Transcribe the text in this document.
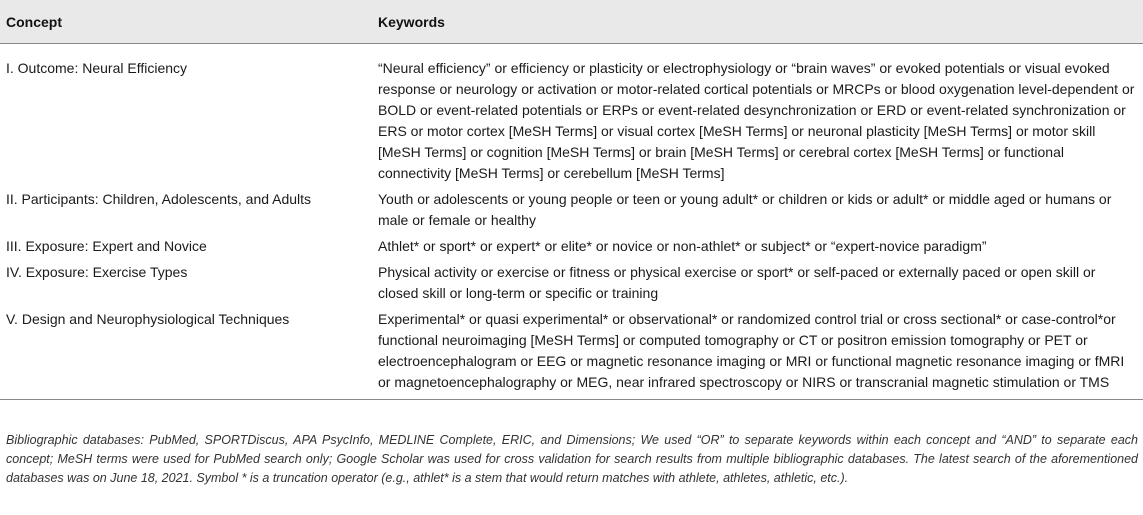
Concept	Keywords
I. Outcome: Neural Efficiency	“Neural efficiency” or efficiency or plasticity or electrophysiology or “brain waves” or evoked potentials or visual evoked response or neurology or activation or motor-related cortical potentials or MRCPs or blood oxygenation level-dependent or BOLD or event-related potentials or ERPs or event-related desynchronization or ERD or event-related synchronization or ERS or motor cortex [MeSH Terms] or visual cortex [MeSH Terms] or neuronal plasticity [MeSH Terms] or motor skill [MeSH Terms] or cognition [MeSH Terms] or brain [MeSH Terms] or cerebral cortex [MeSH Terms] or functional connectivity [MeSH Terms] or cerebellum [MeSH Terms]
II. Participants: Children, Adolescents, and Adults	Youth or adolescents or young people or teen or young adult* or children or kids or adult* or middle aged or humans or male or female or healthy
III. Exposure: Expert and Novice	Athlet* or sport* or expert* or elite* or novice or non-athlet* or subject* or “expert-novice paradigm”
IV. Exposure: Exercise Types	Physical activity or exercise or fitness or physical exercise or sport* or self-paced or externally paced or open skill or closed skill or long-term or specific or training
V. Design and Neurophysiological Techniques	Experimental* or quasi experimental* or observational* or randomized control trial or cross sectional* or case-control*or functional neuroimaging [MeSH Terms] or computed tomography or CT or positron emission tomography or PET or electroencephalogram or EEG or magnetic resonance imaging or MRI or functional magnetic resonance imaging or fMRI or magnetoencephalography or MEG, near infrared spectroscopy or NIRS or transcranial magnetic stimulation or TMS
Bibliographic databases: PubMed, SPORTDiscus, APA PsycInfo, MEDLINE Complete, ERIC, and Dimensions; We used “OR” to separate keywords within each concept and “AND” to separate each concept; MeSH terms were used for PubMed search only; Google Scholar was used for cross validation for search results from multiple bibliographic databases. The latest search of the aforementioned databases was on June 18, 2021. Symbol * is a truncation operator (e.g., athlet* is a stem that would return matches with athlete, athletes, athletic, etc.).
